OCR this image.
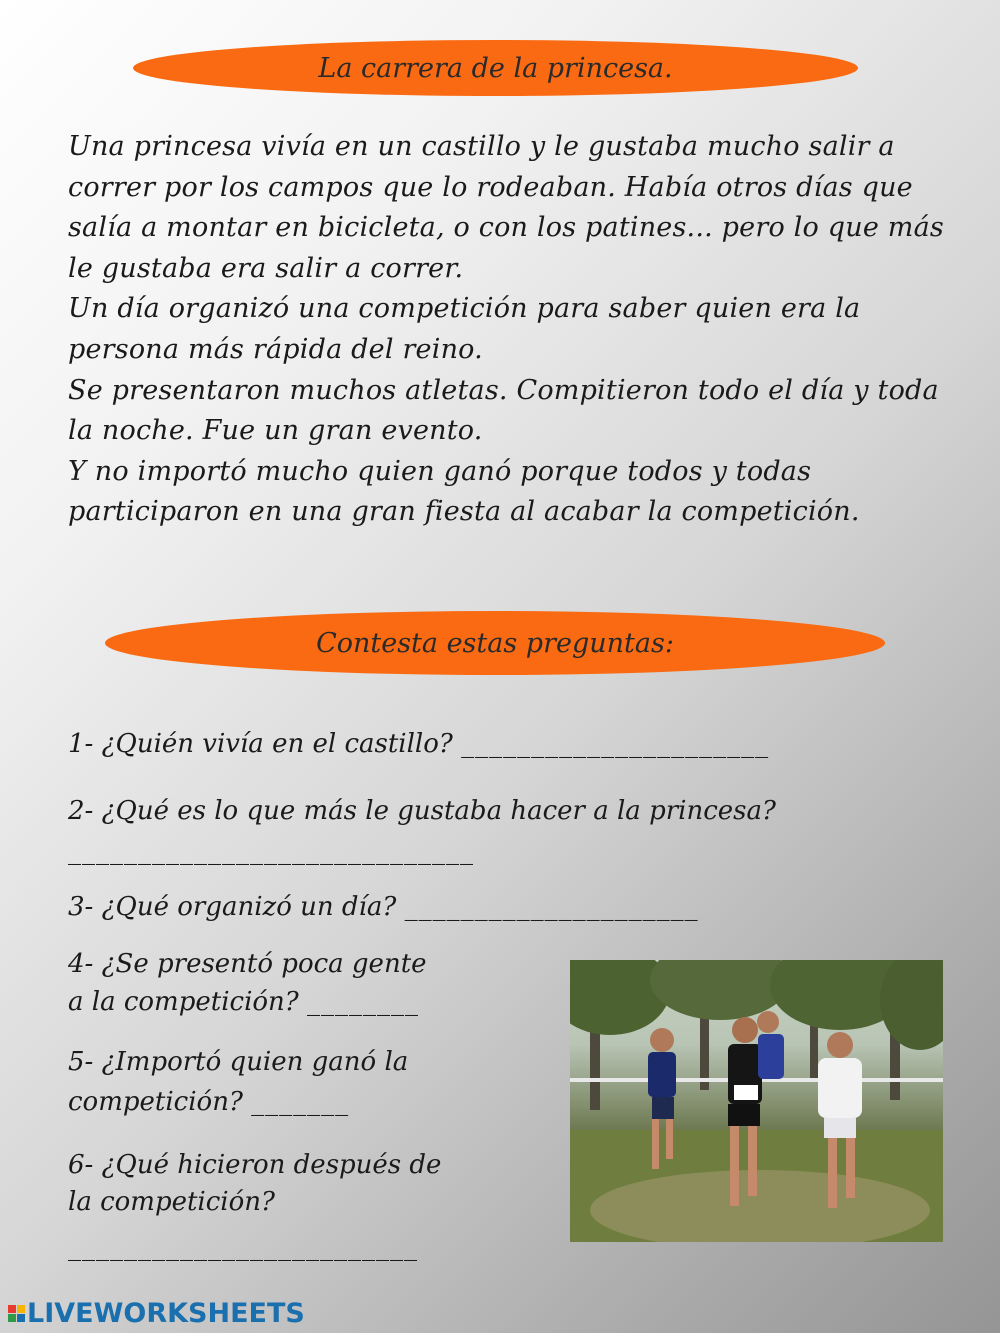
La carrera de la princesa.

Una princesa vivía en un castillo y le gustaba mucho salir a correr por los campos que lo rodeaban. Había otros días que salía a montar en bicicleta, o con los patines... pero lo que más le gustaba era salir a correr.

Un día organizó una competición para saber quien era la persona más rápida del reino.

Se presentaron muchos atletas. Compitieron todo el día y toda la noche. Fue un gran evento.

Y no importó mucho quien ganó porque todos y todas participaron en una gran fiesta al acabar la competición.

Contesta estas preguntas:
1- ¿Quién vivía en el castillo? ______________________
2- ¿Qué es lo que más le gustaba hacer a la princesa?
_____________________________
3- ¿Qué organizó un día? _____________________
4- ¿Se presentó poca gente
a la competición? ________
5- ¿Importó quien ganó la
competición? _______
6- ¿Qué hicieron después de
la competición?
_________________________
LIVEWORKSHEETS
